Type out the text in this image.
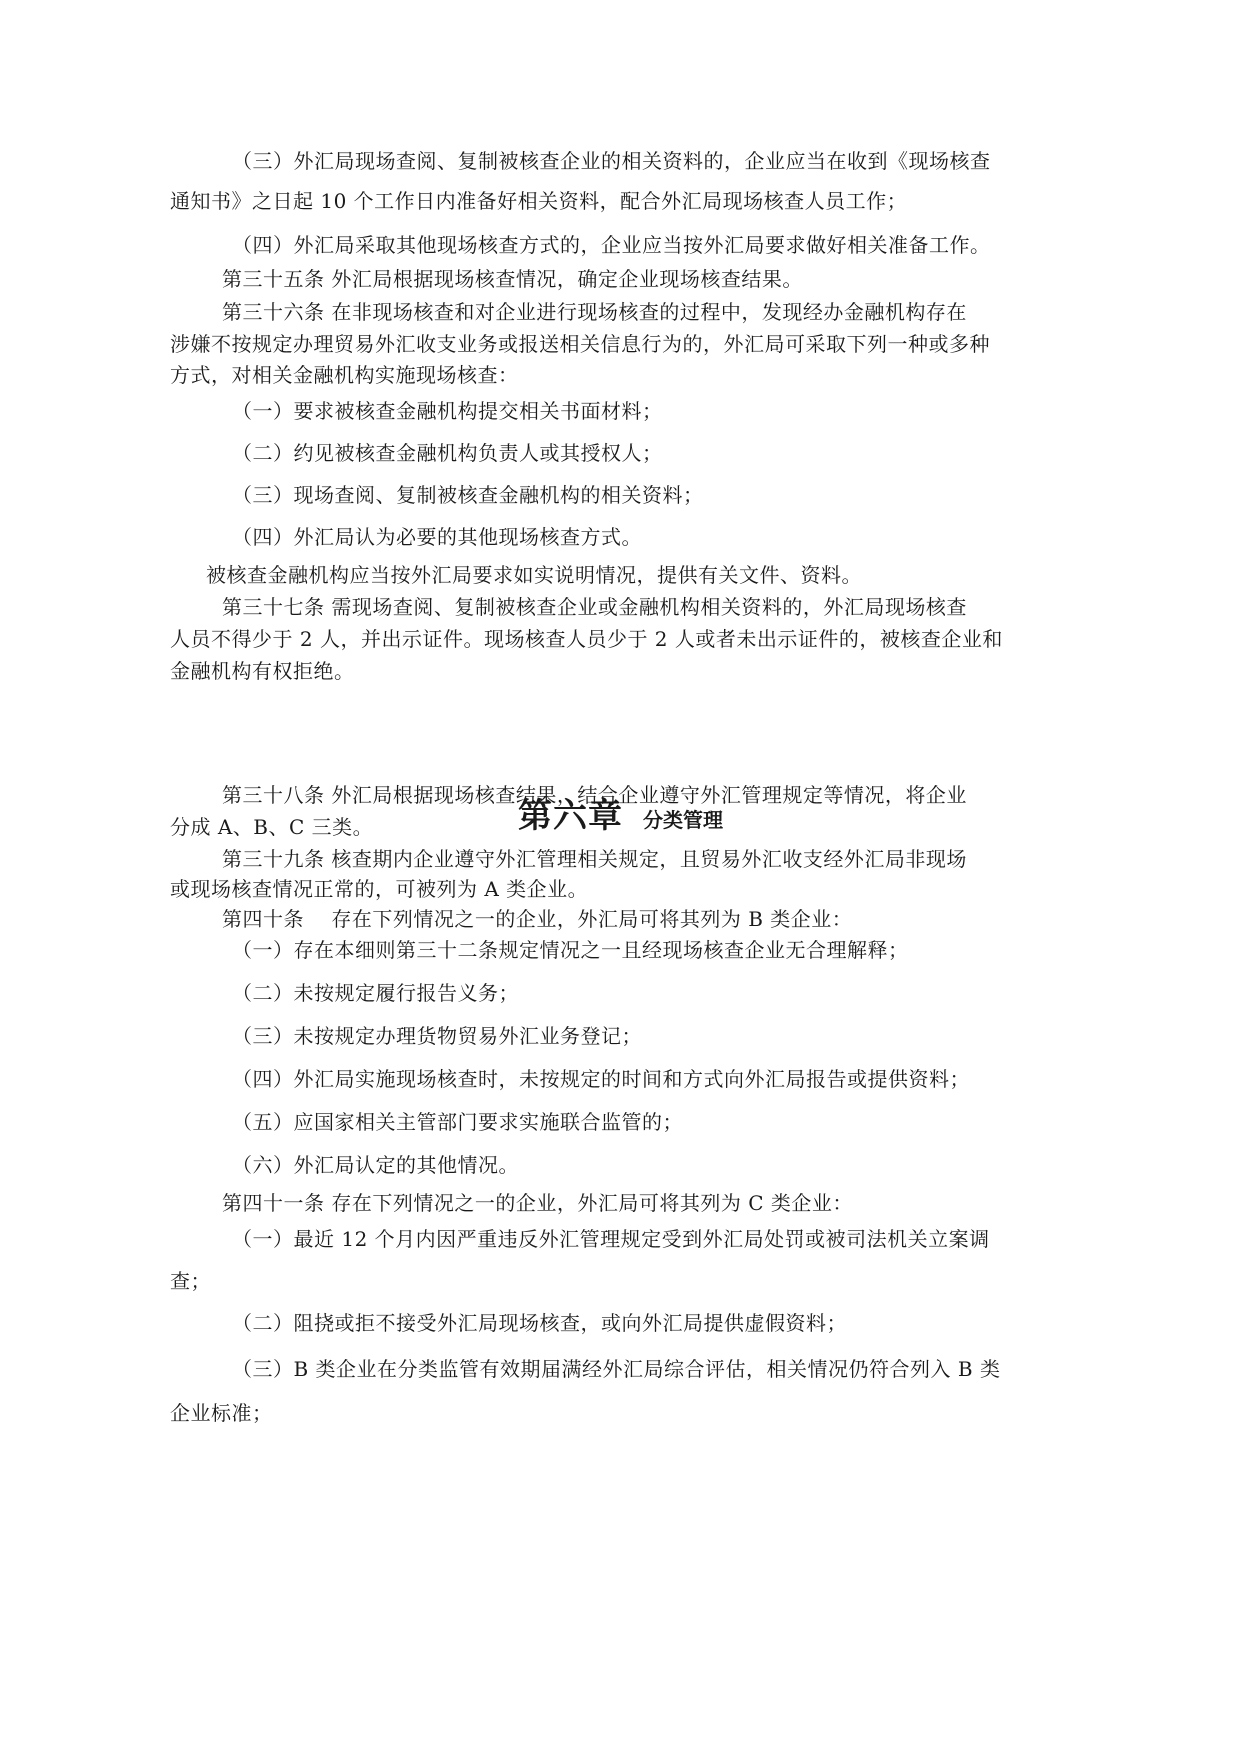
（三）外汇局现场查阅、复制被核查企业的相关资料的，企业应当在收到《现场核查
通知书》之日起 10 个工作日内准备好相关资料，配合外汇局现场核查人员工作；
（四）外汇局采取其他现场核查方式的，企业应当按外汇局要求做好相关准备工作。
第三十五条 外汇局根据现场核查情况，确定企业现场核查结果。
第三十六条 在非现场核查和对企业进行现场核查的过程中，发现经办金融机构存在
涉嫌不按规定办理贸易外汇收支业务或报送相关信息行为的，外汇局可采取下列一种或多种
方式，对相关金融机构实施现场核查：
（一）要求被核查金融机构提交相关书面材料；
（二）约见被核查金融机构负责人或其授权人；
（三）现场查阅、复制被核查金融机构的相关资料；
（四）外汇局认为必要的其他现场核查方式。
被核查金融机构应当按外汇局要求如实说明情况，提供有关文件、资料。
第三十七条 需现场查阅、复制被核查企业或金融机构相关资料的，外汇局现场核查
人员不得少于 2 人，并出示证件。现场核查人员少于 2 人或者未出示证件的，被核查企业和
金融机构有权拒绝。
第六章 分类管理
第三十八条 外汇局根据现场核查结果，结合企业遵守外汇管理规定等情况，将企业
分成 A、B、C 三类。
第三十九条 核查期内企业遵守外汇管理相关规定，且贸易外汇收支经外汇局非现场
或现场核查情况正常的，可被列为 A 类企业。
第四十条　 存在下列情况之一的企业，外汇局可将其列为 B 类企业：
（一）存在本细则第三十二条规定情况之一且经现场核查企业无合理解释；
（二）未按规定履行报告义务；
（三）未按规定办理货物贸易外汇业务登记；
（四）外汇局实施现场核查时，未按规定的时间和方式向外汇局报告或提供资料；
（五）应国家相关主管部门要求实施联合监管的；
（六）外汇局认定的其他情况。
第四十一条 存在下列情况之一的企业，外汇局可将其列为 C 类企业：
（一）最近 12 个月内因严重违反外汇管理规定受到外汇局处罚或被司法机关立案调
查；
（二）阻挠或拒不接受外汇局现场核查，或向外汇局提供虚假资料；
（三）B 类企业在分类监管有效期届满经外汇局综合评估，相关情况仍符合列入 B 类
企业标准；
